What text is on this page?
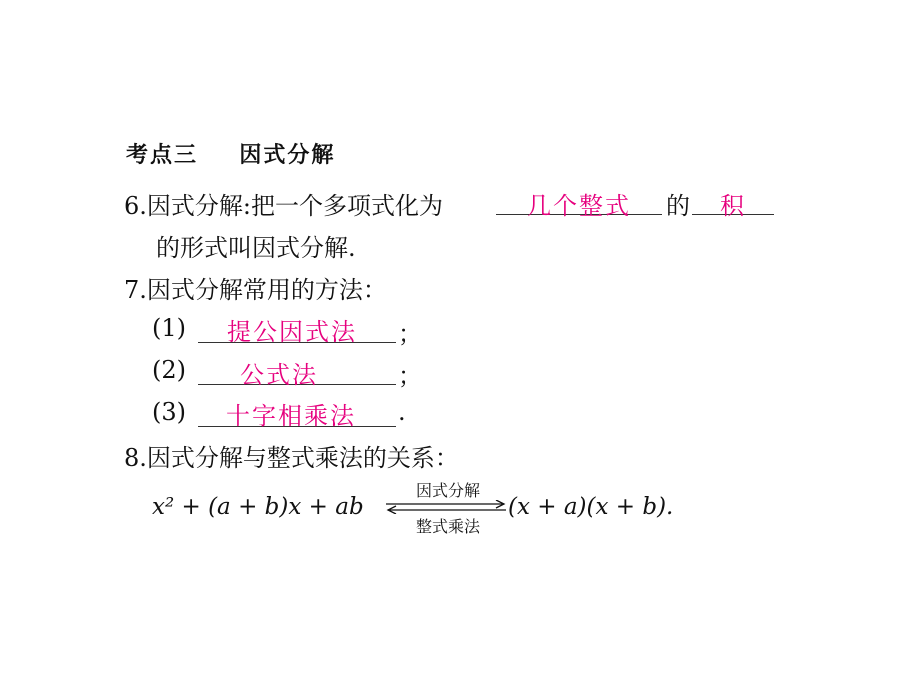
考点三 因式分解
6.因式分解:把一个多项式化为	几个整式	的	积
的形式叫因式分解.
7.因式分解常用的方法：
(1)	提公因式法	；
(2)	公式法	；
(3)	十字相乘法	.
8.因式分解与整式乘法的关系：
x² + (a + b)x + ab
因式分解
整式乘法
(x + a)(x + b).
